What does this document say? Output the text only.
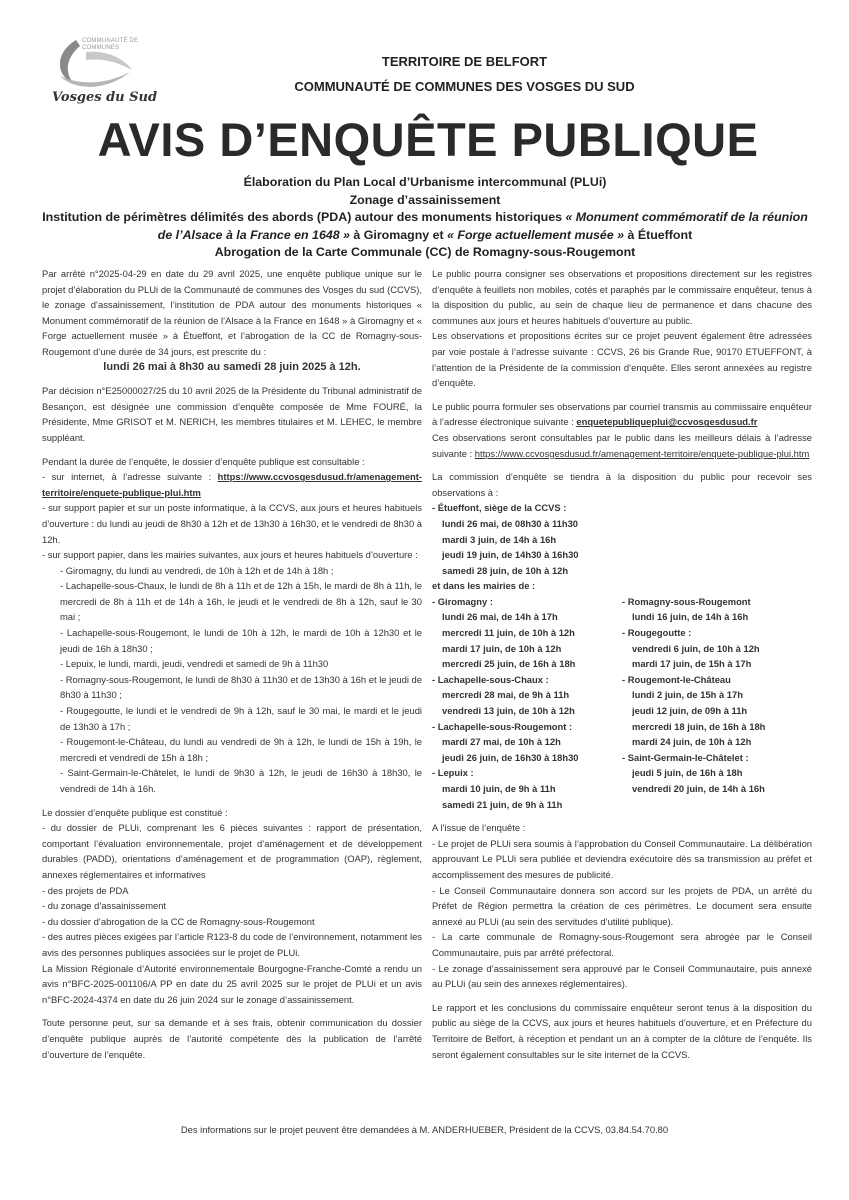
COMMUNAUTÉ DE COMMUNES
Vosges du Sud
TERRITOIRE DE BELFORT
COMMUNAUTÉ DE COMMUNES DES VOSGES DU SUD
AVIS D’ENQUÊTE PUBLIQUE
Élaboration du Plan Local d’Urbanisme intercommunal (PLUi)
Zonage d’assainissement
Institution de périmètres délimités des abords (PDA) autour des monuments historiques « Monument commémoratif de la réunion de l’Alsace à la France en 1648 » à Giromagny et « Forge actuellement musée » à Étueffont
Abrogation de la Carte Communale (CC) de Romagny-sous-Rougemont

Par arrêté n°2025-04-29 en date du 29 avril 2025, une enquête publique unique sur le projet d’élaboration du PLUi de la Communauté de communes des Vosges du sud (CCVS), le zonage d’assainissement, l’institution de PDA autour des monuments historiques « Monument commémoratif de la réunion de l’Alsace à la France en 1648 » à Giromagny et « Forge actuellement musée » à Étueffont, et l’abrogation de la CC de Romagny-sous-Rougemont d’une durée de 34 jours, est prescrite du :

lundi 26 mai à 8h30 au samedi 28 juin 2025 à 12h.

Par décision n°E25000027/25 du 10 avril 2025 de la Présidente du Tribunal administratif de Besançon, est désignée une commission d’enquête composée de Mme FOURÉ, la Présidente, Mme GRISOT et M. NERICH, les membres titulaires et M. LEHEC, le membre suppléant.

Pendant la durée de l’enquête, le dossier d’enquête publique est consultable :

- sur internet, à l’adresse suivante : https://www.ccvosgesdusud.fr/amenagement-territoire/enquete-publique-plui.htm

- sur support papier et sur un poste informatique, à la CCVS, aux jours et heures habituels d’ouverture : du lundi au jeudi de 8h30 à 12h et de 13h30 à 16h30, et le vendredi de 8h30 à 12h.

- sur support papier, dans les mairies suivantes, aux jours et heures habituels d’ouverture :

- Giromagny, du lundi au vendredi, de 10h à 12h et de 14h à 18h ;

- Lachapelle-sous-Chaux, le lundi de 8h à 11h et de 12h à 15h, le mardi de 8h à 11h, le mercredi de 8h à 11h et de 14h à 16h, le jeudi et le vendredi de 8h à 12h, sauf le 30 mai ;

- Lachapelle-sous-Rougemont, le lundi de 10h à 12h, le mardi de 10h à 12h30 et le jeudi de 16h à 18h30 ;

- Lepuix, le lundi, mardi, jeudi, vendredi et samedi de 9h à 11h30

- Romagny-sous-Rougemont, le lundi de 8h30 à 11h30 et de 13h30 à 16h et le jeudi de 8h30 à 11h30 ;

- Rougegoutte, le lundi et le vendredi de 9h à 12h, sauf le 30 mai, le mardi et le jeudi de 13h30 à 17h ;

- Rougemont-le-Château, du lundi au vendredi de 9h à 12h, le lundi de 15h à 19h, le mercredi et vendredi de 15h à 18h ;

- Saint-Germain-le-Châtelet, le lundi de 9h30 à 12h, le jeudi de 16h30 à 18h30, le vendredi de 14h à 16h.

Le dossier d’enquête publique est constitué :

- du dossier de PLUi, comprenant les 6 pièces suivantes : rapport de présentation, comportant l’évaluation environnementale, projet d’aménagement et de développement durables (PADD), orientations d’aménagement et de programmation (OAP), règlement, annexes réglementaires et informatives

- des projets de PDA

- du zonage d’assainissement

- du dossier d’abrogation de la CC de Romagny-sous-Rougemont

- des autres pièces exigées par l’article R123-8 du code de l’environnement, notamment les avis des personnes publiques associées sur le projet de PLUi.

La Mission Régionale d’Autorité environnementale Bourgogne-Franche-Comté a rendu un avis n°BFC-2025-001106/A PP en date du 25 avril 2025 sur le projet de PLUi et un avis n°BFC-2024-4374 en date du 26 juin 2024 sur le zonage d’assainissement.

Toute personne peut, sur sa demande et à ses frais, obtenir communication du dossier d’enquête publique auprès de l’autorité compétente dès la publication de l’arrêté d’ouverture de l’enquête.

Le public pourra consigner ses observations et propositions directement sur les registres d’enquête à feuillets non mobiles, cotés et paraphés par le commissaire enquêteur, tenus à la disposition du public, au sein de chaque lieu de permanence et dans chacune des communes aux jours et heures habituels d’ouverture au public.

Les observations et propositions écrites sur ce projet peuvent également être adressées par voie postale à l’adresse suivante : CCVS, 26 bis Grande Rue, 90170 ETUEFFONT, à l’attention de la Présidente de la commission d’enquête. Elles seront annexées au registre d’enquête.

Le public pourra formuler ses observations par courriel transmis au commissaire enquêteur à l’adresse électronique suivante : enquetepubliqueplui@ccvosgesdusud.fr
Ces observations seront consultables par le public dans les meilleurs délais à l’adresse suivante : https://www.ccvosgesdusud.fr/amenagement-territoire/enquete-publique-plui.htm

La commission d’enquête se tiendra à la disposition du public pour recevoir ses observations à :

- Étueffont, siège de la CCVS :
lundi 26 mai, de 08h30 à 11h30
mardi 3 juin, de 14h à 16h
jeudi 19 juin, de 14h30 à 16h30
samedi 28 juin, de 10h à 12h
et dans les mairies de :
- Giromagny :
lundi 26 mai, de 14h à 17h
mercredi 11 juin, de 10h à 12h
mardi 17 juin, de 10h à 12h
mercredi 25 juin, de 16h à 18h
- Lachapelle-sous-Chaux :
mercredi 28 mai, de 9h à 11h
vendredi 13 juin, de 10h à 12h
- Lachapelle-sous-Rougemont :
mardi 27 mai, de 10h à 12h
jeudi 26 juin, de 16h30 à 18h30
- Lepuix :
mardi 10 juin, de 9h à 11h
samedi 21 juin, de 9h à 11h
- Romagny-sous-Rougemont
lundi 16 juin, de 14h à 16h
- Rougegoutte :
vendredi 6 juin, de 10h à 12h
mardi 17 juin, de 15h à 17h
- Rougemont-le-Château
lundi 2 juin, de 15h à 17h
jeudi 12 juin, de 09h à 11h
mercredi 18 juin, de 16h à 18h
mardi 24 juin, de 10h à 12h
- Saint-Germain-le-Châtelet :
jeudi 5 juin, de 16h à 18h
vendredi 20 juin, de 14h à 16h

A l’issue de l’enquête :

- Le projet de PLUi sera soumis à l’approbation du Conseil Communautaire. La délibération approuvant Le PLUi sera publiée et deviendra exécutoire dès sa transmission au préfet et accomplissement des mesures de publicité.

- Le Conseil Communautaire donnera son accord sur les projets de PDA, un arrêté du Préfet de Région permettra la création de ces périmètres. Le document sera ensuite annexé au PLUi (au sein des servitudes d’utilité publique).

- La carte communale de Romagny-sous-Rougemont sera abrogée par le Conseil Communautaire, puis par arrêté préfectoral.

- Le zonage d’assainissement sera approuvé par le Conseil Communautaire, puis annexé au PLUi (au sein des annexes réglementaires).

Le rapport et les conclusions du commissaire enquêteur seront tenus à la disposition du public au siège de la CCVS, aux jours et heures habituels d’ouverture, et en Préfecture du Territoire de Belfort, à réception et pendant un an à compter de la clôture de l’enquête. Ils seront également consultables sur le site internet de la CCVS.

Des informations sur le projet peuvent être demandées à M. ANDERHUEBER, Président de la CCVS, 03.84.54.70.80
